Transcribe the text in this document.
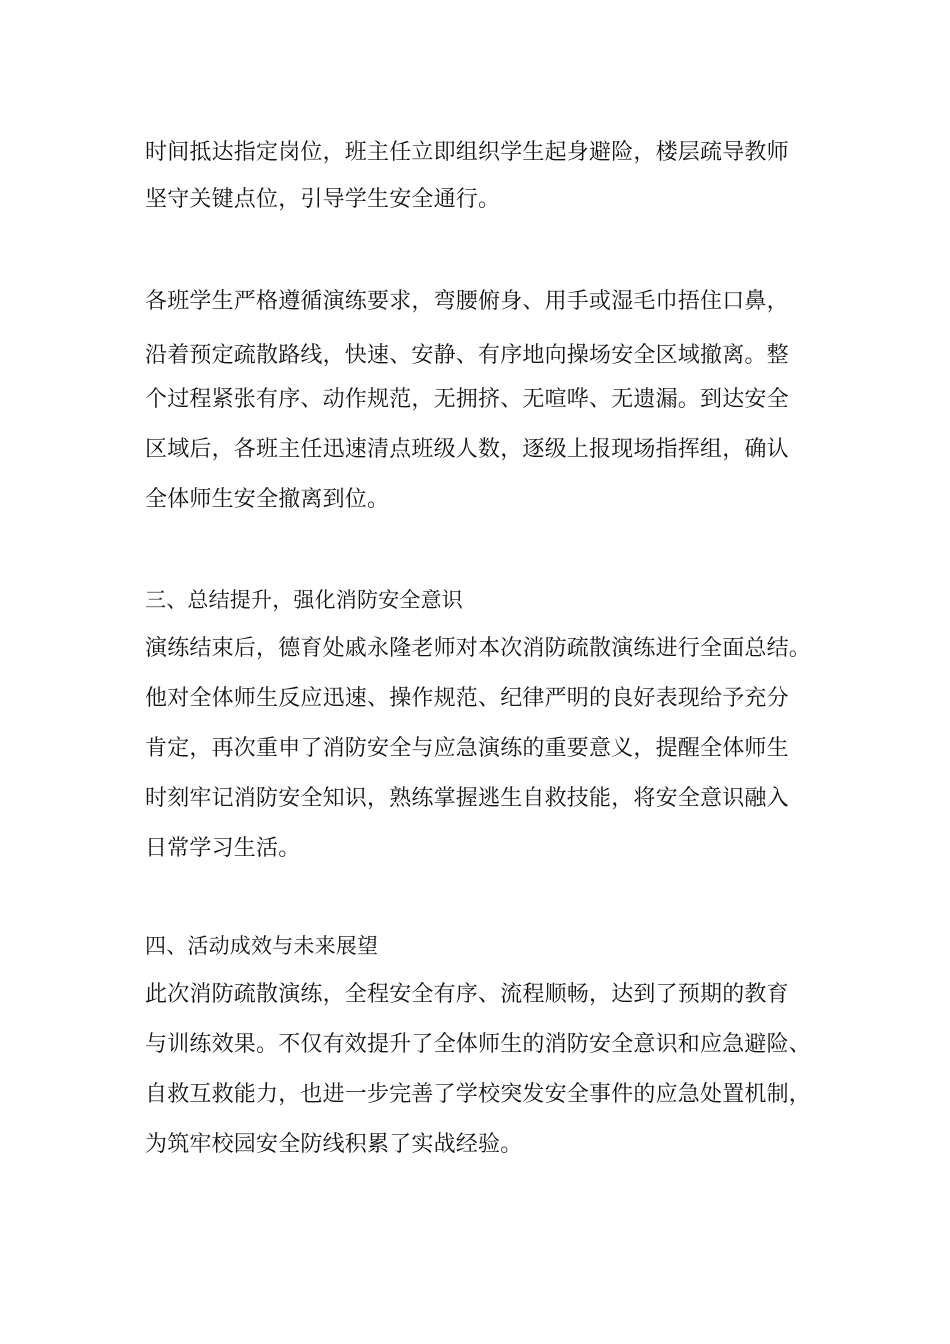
时间抵达指定岗位，班主任立即组织学生起身避险，楼层疏导教师
坚守关键点位，引导学生安全通行。
各班学生严格遵循演练要求，弯腰俯身、用手或湿毛巾捂住口鼻，
沿着预定疏散路线，快速、安静、有序地向操场安全区域撤离。整
个过程紧张有序、动作规范，无拥挤、无喧哗、无遗漏。到达安全
区域后，各班主任迅速清点班级人数，逐级上报现场指挥组，确认
全体师生安全撤离到位。
三、总结提升，强化消防安全意识
演练结束后，德育处戚永隆老师对本次消防疏散演练进行全面总结。
他对全体师生反应迅速、操作规范、纪律严明的良好表现给予充分
肯定，再次重申了消防安全与应急演练的重要意义，提醒全体师生
时刻牢记消防安全知识，熟练掌握逃生自救技能，将安全意识融入
日常学习生活。
四、活动成效与未来展望
此次消防疏散演练，全程安全有序、流程顺畅，达到了预期的教育
与训练效果。不仅有效提升了全体师生的消防安全意识和应急避险、
自救互救能力，也进一步完善了学校突发安全事件的应急处置机制，
为筑牢校园安全防线积累了实战经验。
